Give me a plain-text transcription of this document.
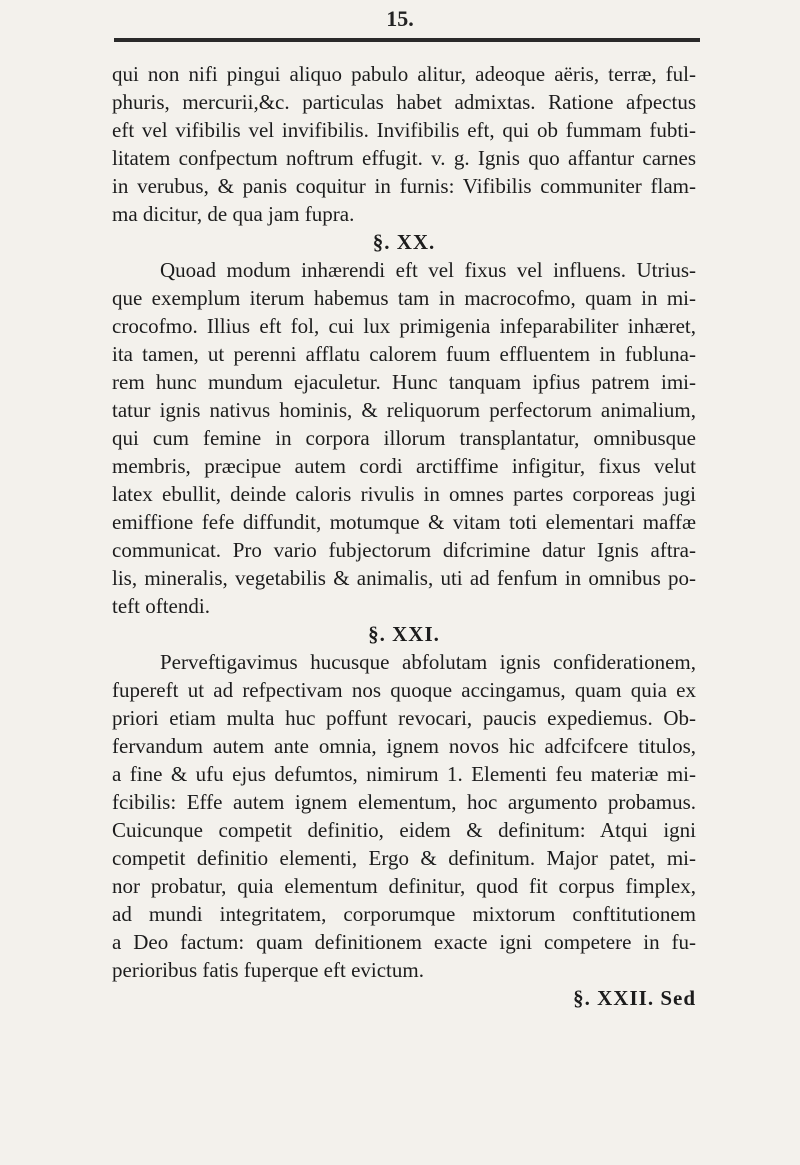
15.
qui non nifi pingui aliquo pabulo alitur, adeoque aëris, terræ, ful-
phuris, mercurii,&c. particulas habet admixtas. Ratione afpectus
eft vel vifibilis vel invifibilis. Invifibilis eft, qui ob fummam fubti-
litatem confpectum noftrum effugit. v. g. Ignis quo affantur carnes
in verubus, & panis coquitur in furnis: Vifibilis communiter flam-
ma dicitur, de qua jam fupra.
§. XX.
Quoad modum inhærendi eft vel fixus vel influens. Utrius-
que exemplum iterum habemus tam in macrocofmo, quam in mi-
crocofmo. Illius eft fol, cui lux primigenia infeparabiliter inhæret,
ita tamen, ut perenni afflatu calorem fuum effluentem in fubluna-
rem hunc mundum ejaculetur. Hunc tanquam ipfius patrem imi-
tatur ignis nativus hominis, & reliquorum perfectorum animalium,
qui cum femine in corpora illorum transplantatur, omnibusque
membris, præcipue autem cordi arctiffime infigitur, fixus velut
latex ebullit, deinde caloris rivulis in omnes partes corporeas jugi
emiffione fefe diffundit, motumque & vitam toti elementari maffæ
communicat. Pro vario fubjectorum difcrimine datur Ignis aftra-
lis, mineralis, vegetabilis & animalis, uti ad fenfum in omnibus po-
teft oftendi.
§. XXI.
Perveftigavimus hucusque abfolutam ignis confiderationem,
fupereft ut ad refpectivam nos quoque accingamus, quam quia ex
priori etiam multa huc poffunt revocari, paucis expediemus. Ob-
fervandum autem ante omnia, ignem novos hic adfcifcere titulos,
a fine & ufu ejus defumtos, nimirum 1. Elementi feu materiæ mi-
fcibilis: Effe autem ignem elementum, hoc argumento probamus.
Cuicunque competit definitio, eidem & definitum: Atqui igni
competit definitio elementi, Ergo & definitum. Major patet, mi-
nor probatur, quia elementum definitur, quod fit corpus fimplex,
ad mundi integritatem, corporumque mixtorum conftitutionem
a Deo factum: quam definitionem exacte igni competere in fu-
perioribus fatis fuperque eft evictum.
§. XXII. Sed
